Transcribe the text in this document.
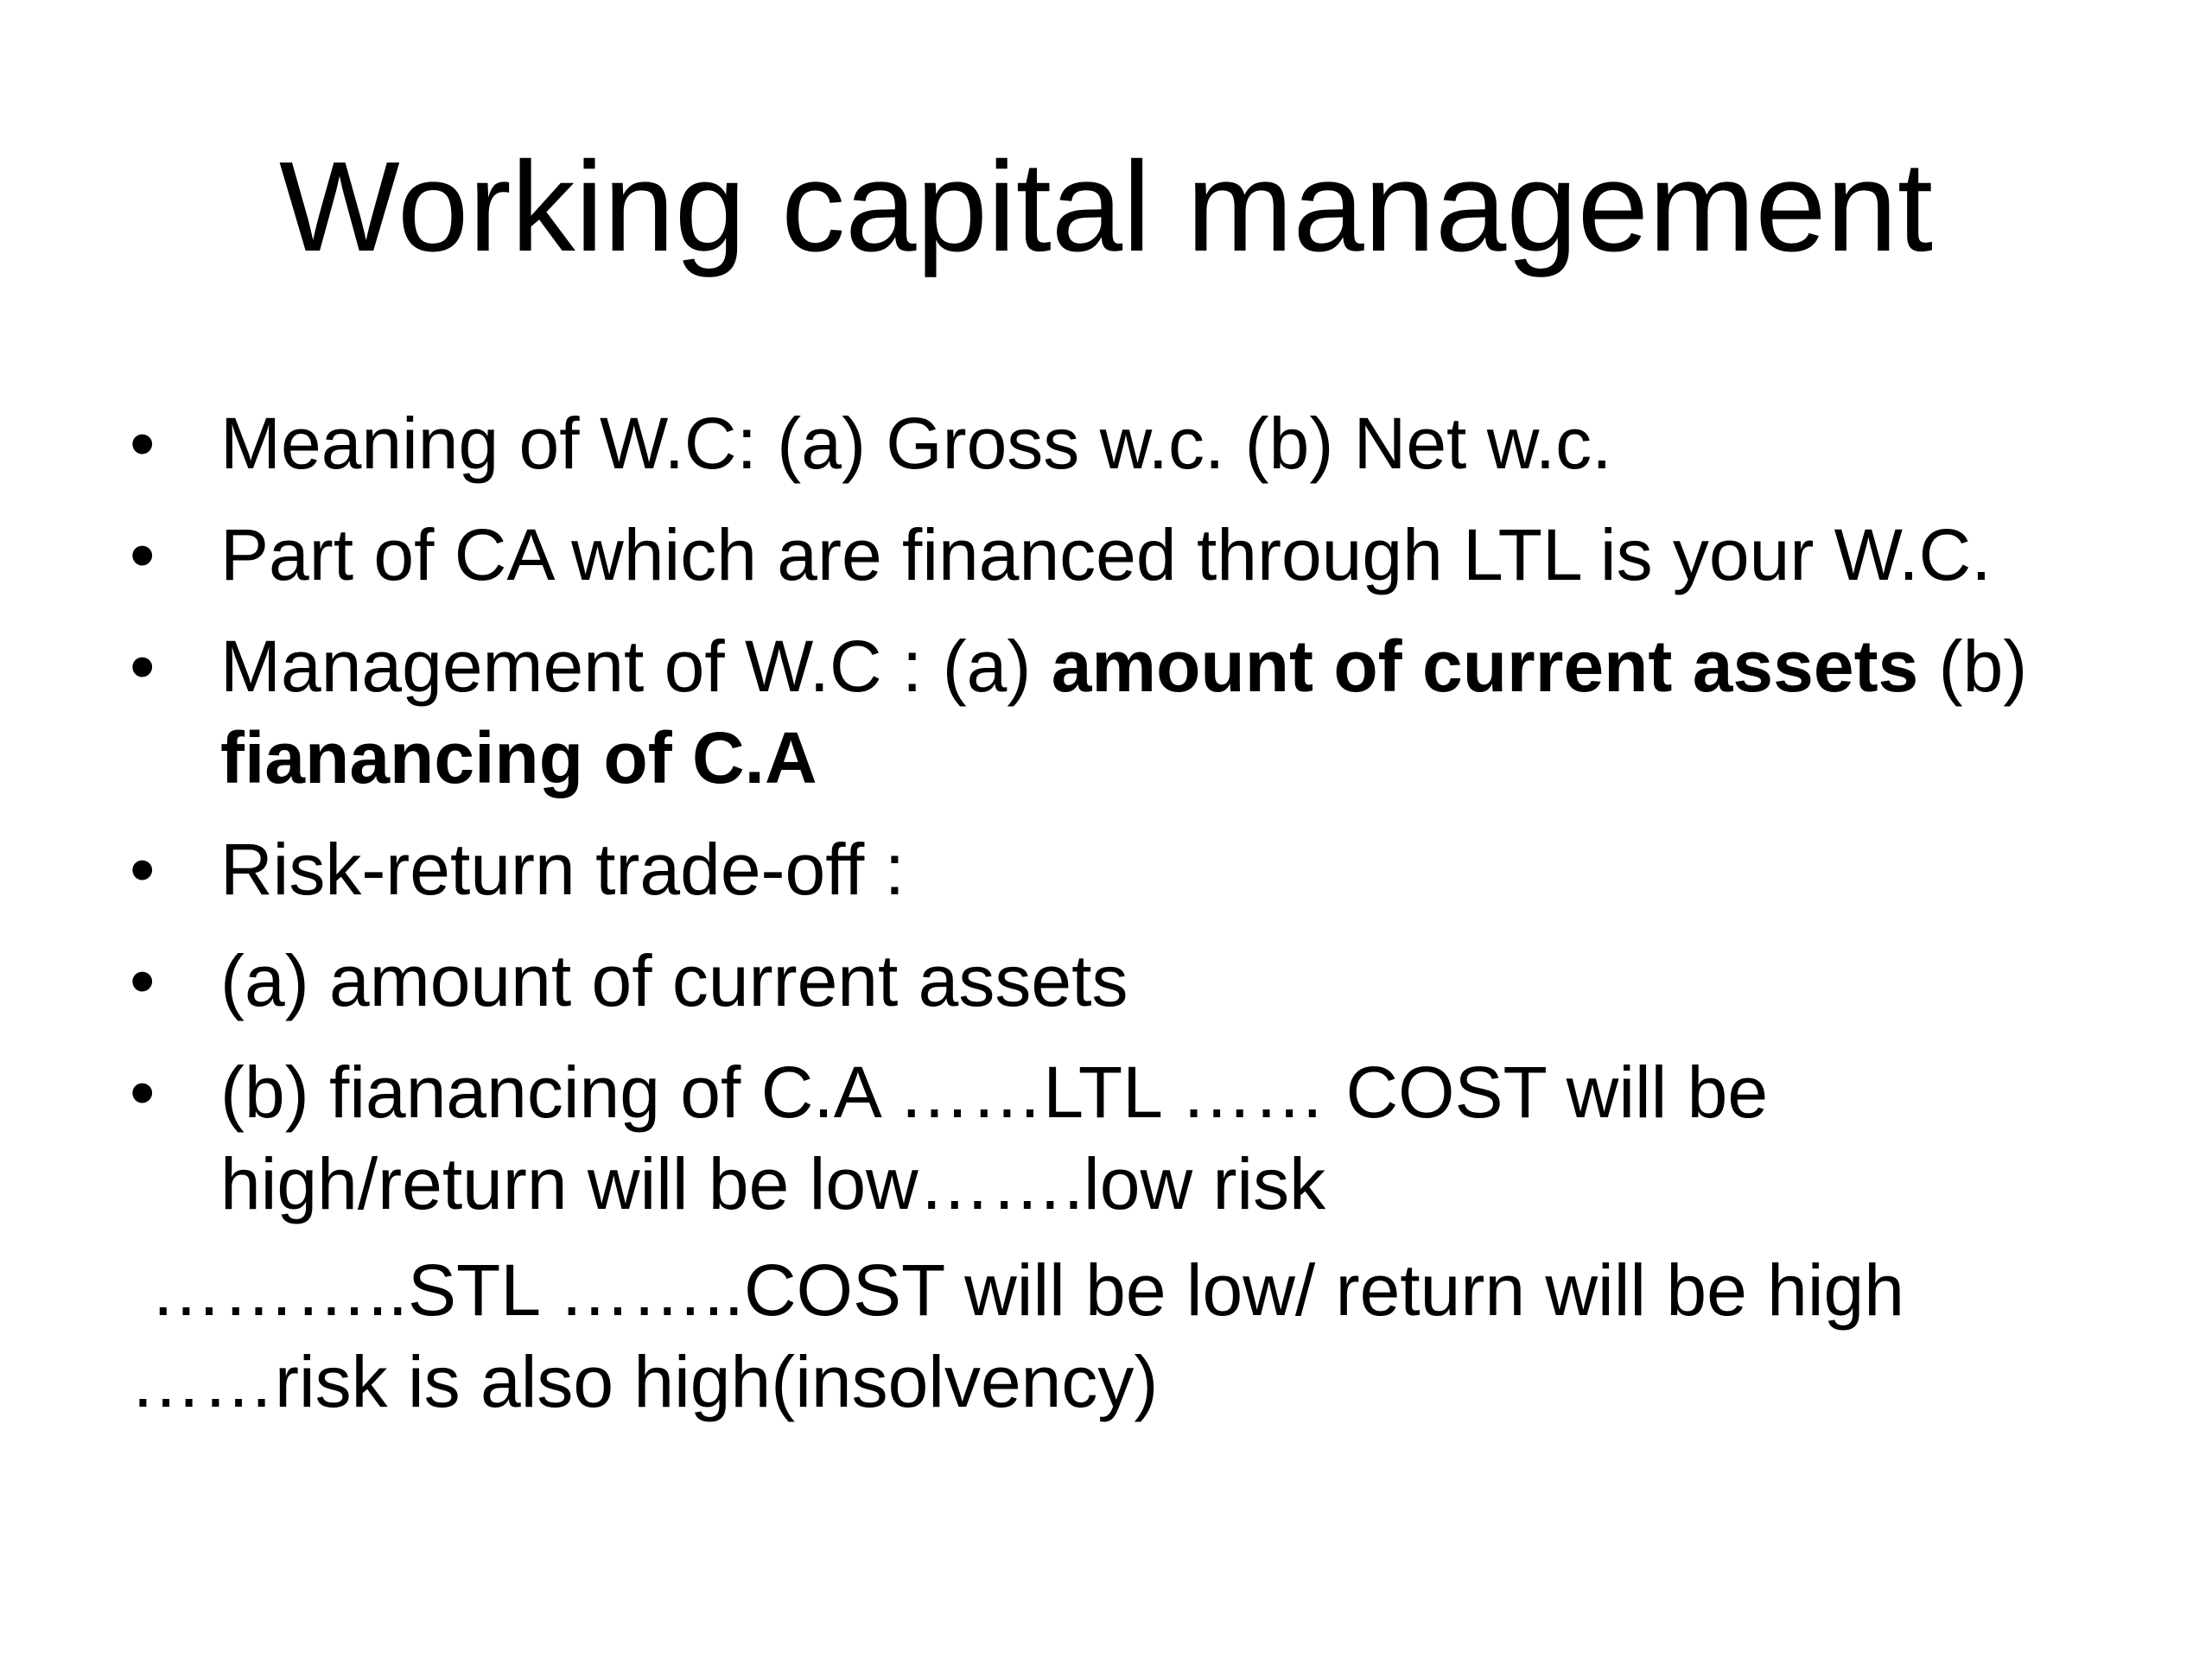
Working capital management
• Meaning of W.C: (a) Gross w.c. (b) Net w.c.
• Part of CA which are financed through LTL is your W.C.
• Management of W.C : (a) amount of current assets (b)
fianancing of C.A
• Risk-return trade-off :
• (a) amount of current assets
• (b) fianancing of C.A ……LTL …… COST will be
high/return will be low…….low risk
………..STL ……..COST will be low/ return will be high
……risk is also high(insolvency)
